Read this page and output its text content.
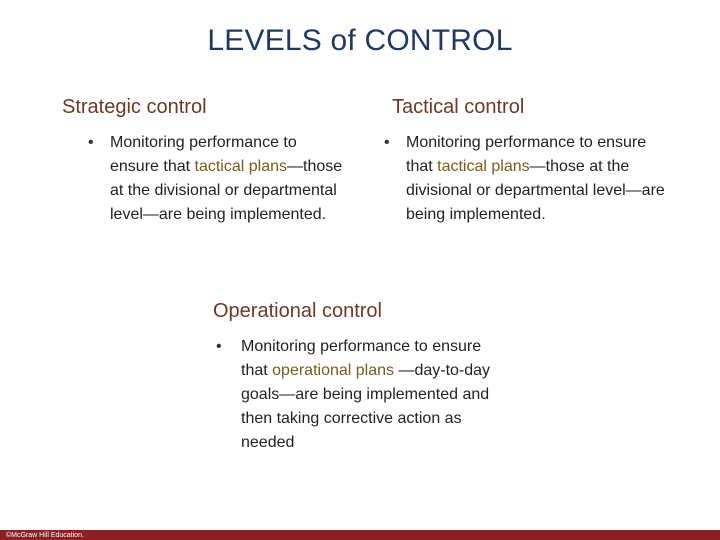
LEVELS of CONTROL
Strategic control
•	Monitoring performance to ensure that tactical plans—those at the divisional or departmental level—are being implemented.
Tactical control
•	Monitoring performance to ensure that tactical plans—those at the divisional or departmental level—are being implemented.
Operational control
•	Monitoring performance to ensure that operational plans —day-to-day goals—are being implemented and then taking corrective action as needed
©McGraw Hill Education.
